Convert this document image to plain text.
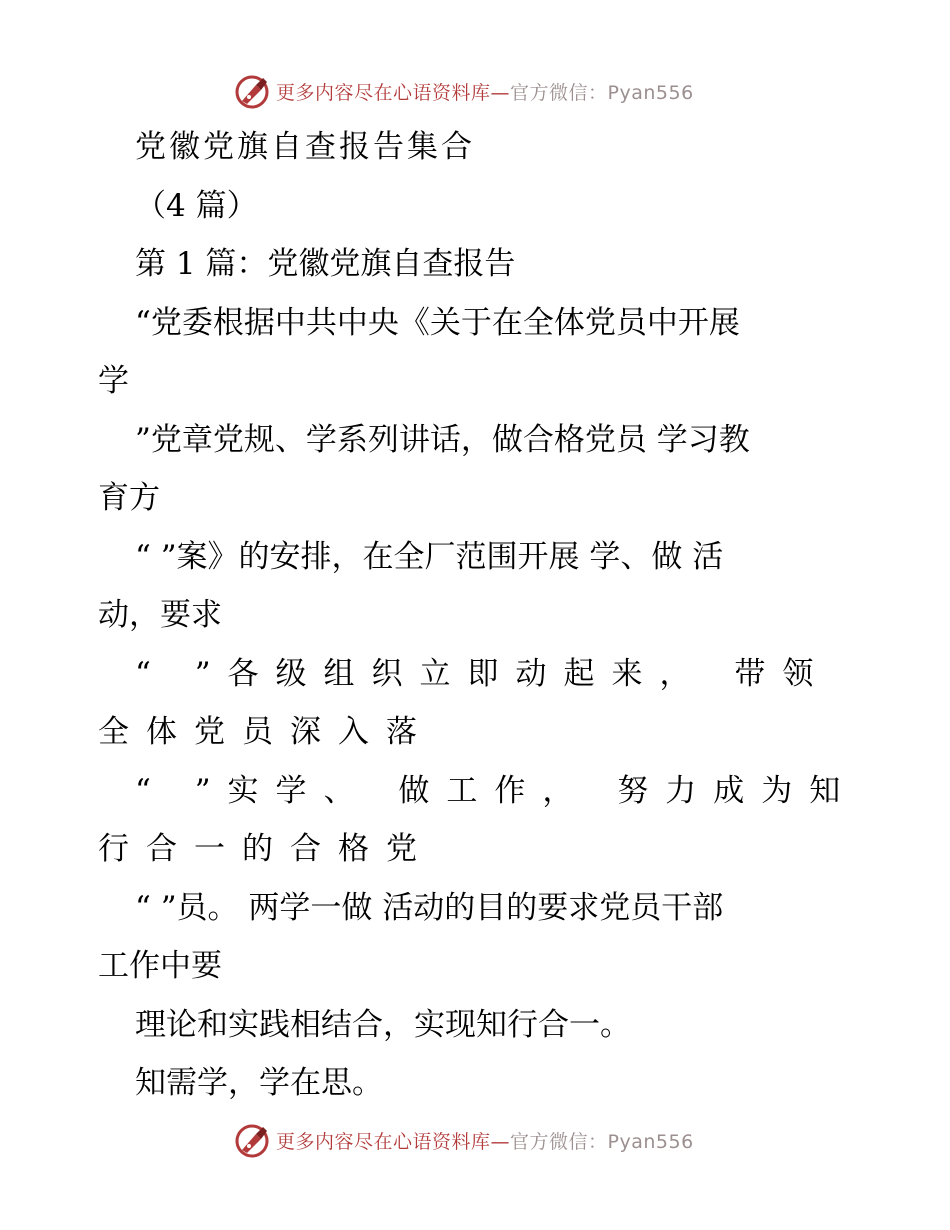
更多内容尽在心语资料库—官方微信：Pyan556
党徽党旗自查报告集合
（4 篇）
第 1 篇：党徽党旗自查报告
“党委根据中共中央《关于在全体党员中开展
学
”党章党规、学系列讲话，做合格党员 学习教
育方
“ ”案》的安排，在全厂范围开展 学、做 活
动，要求
“ ”各级组织立即动起来， 带领
全体党员深入落
“ ”实学、 做工作， 努力成为知
行合一的合格党
“ ”员。 两学一做 活动的目的要求党员干部
工作中要
理论和实践相结合，实现知行合一。
知需学，学在思。
更多内容尽在心语资料库—官方微信：Pyan556
